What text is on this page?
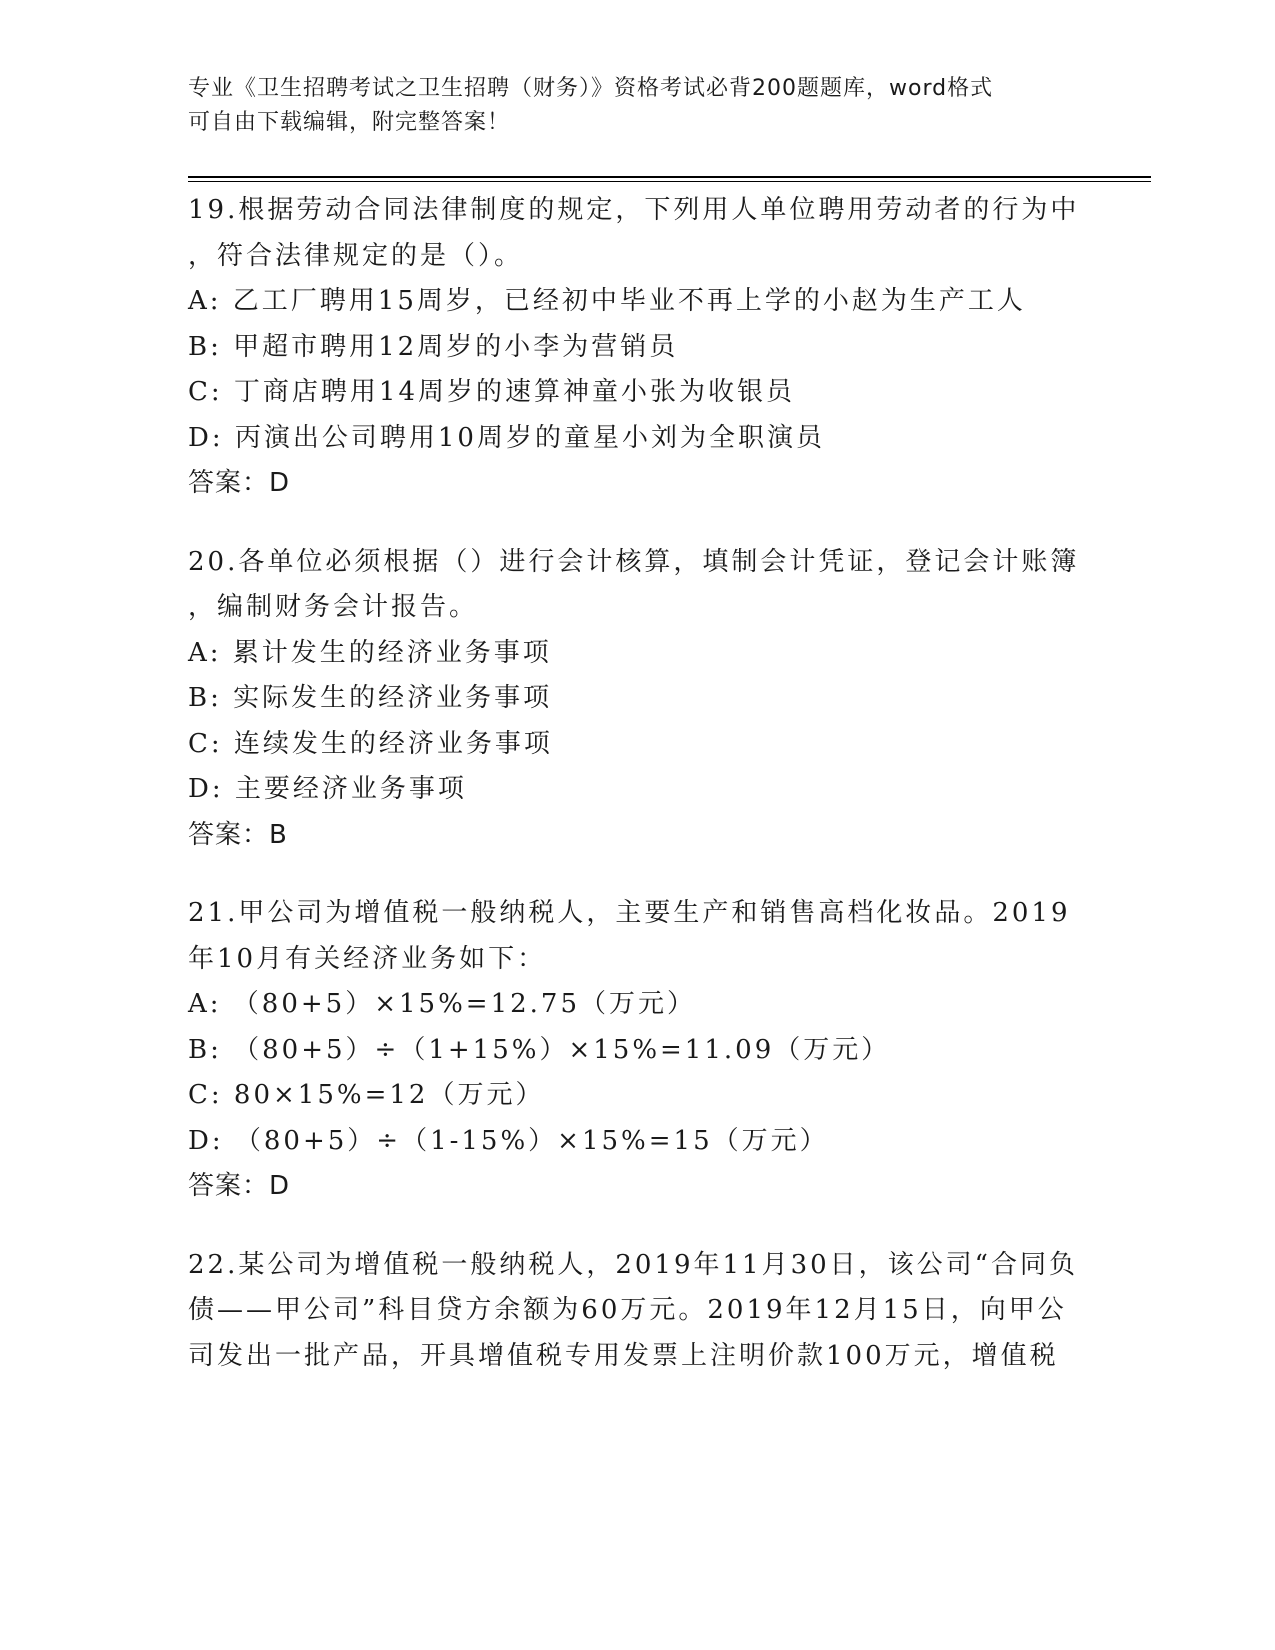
专业《卫生招聘考试之卫生招聘（财务）》资格考试必背200题题库，word格式
可自由下载编辑，附完整答案！
19.根据劳动合同法律制度的规定，下列用人单位聘用劳动者的行为中
，符合法律规定的是（）。
A: 乙工厂聘用15周岁，已经初中毕业不再上学的小赵为生产工人
B: 甲超市聘用12周岁的小李为营销员
C: 丁商店聘用14周岁的速算神童小张为收银员
D: 丙演出公司聘用10周岁的童星小刘为全职演员
答案：D
20.各单位必须根据（）进行会计核算，填制会计凭证，登记会计账簿
，编制财务会计报告。
A: 累计发生的经济业务事项
B: 实际发生的经济业务事项
C: 连续发生的经济业务事项
D: 主要经济业务事项
答案：B
21.甲公司为增值税一般纳税人，主要生产和销售高档化妆品。2019
年10月有关经济业务如下：
A: （80+5）×15%=12.75（万元）
B: （80+5）÷（1+15%）×15%=11.09（万元）
C: 80×15%=12（万元）
D: （80+5）÷（1-15%）×15%=15（万元）
答案：D
22.某公司为增值税一般纳税人，2019年11月30日，该公司“合同负
债——甲公司”科目贷方余额为60万元。2019年12月15日，向甲公
司发出一批产品，开具增值税专用发票上注明价款100万元，增值税
